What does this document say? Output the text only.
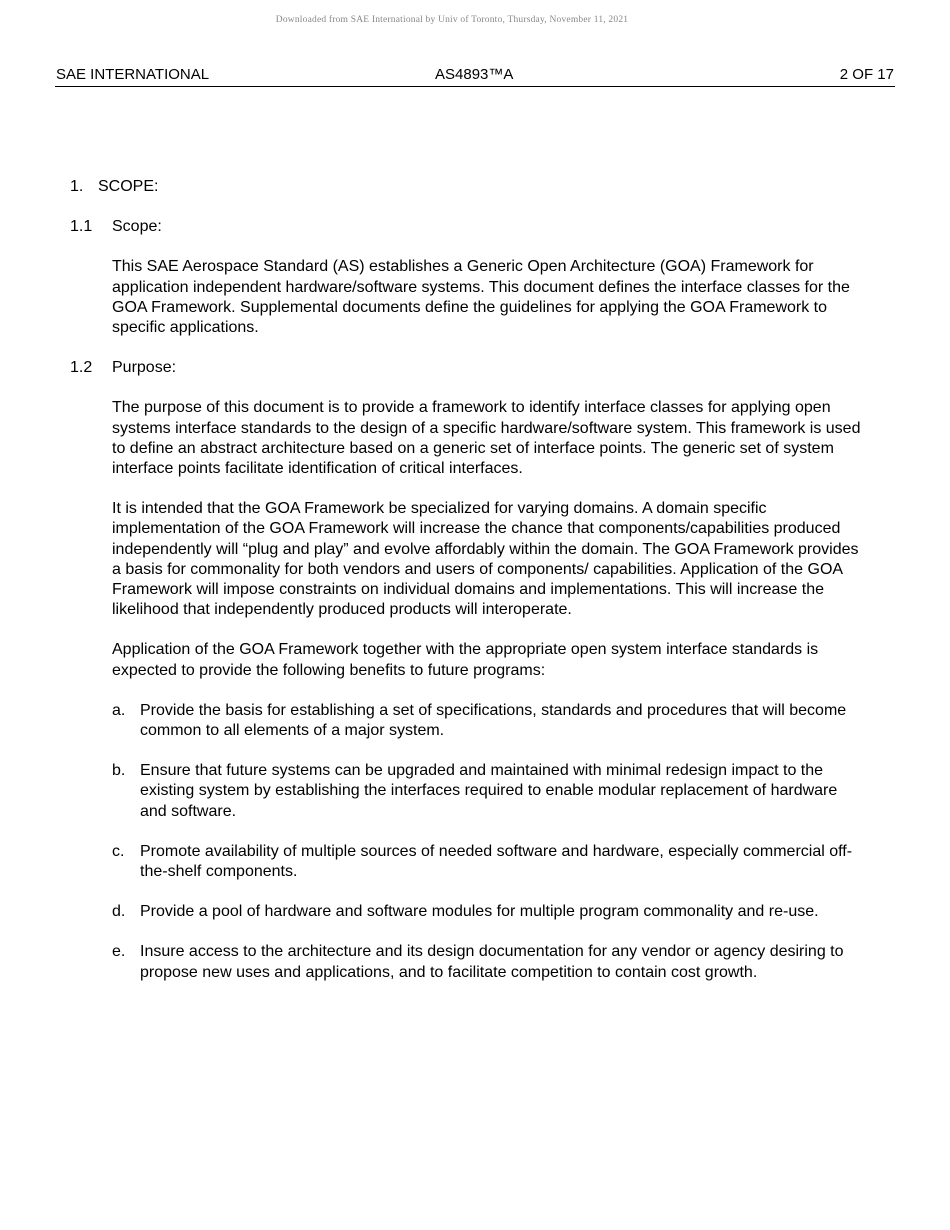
Downloaded from SAE International by Univ of Toronto, Thursday, November 11, 2021
SAE INTERNATIONAL	AS4893™A	2 OF 17
1. SCOPE:
1.1 Scope:

This SAE Aerospace Standard (AS) establishes a Generic Open Architecture (GOA) Framework for application independent hardware/software systems. This document defines the interface classes for the GOA Framework. Supplemental documents define the guidelines for applying the GOA Framework to specific applications.

1.2 Purpose:

The purpose of this document is to provide a framework to identify interface classes for applying open systems interface standards to the design of a specific hardware/software system. This framework is used to define an abstract architecture based on a generic set of interface points. The generic set of system interface points facilitate identification of critical interfaces.

It is intended that the GOA Framework be specialized for varying domains. A domain specific implementation of the GOA Framework will increase the chance that components/capabilities produced independently will “plug and play” and evolve affordably within the domain. The GOA Framework provides a basis for commonality for both vendors and users of components/ capabilities. Application of the GOA Framework will impose constraints on individual domains and implementations. This will increase the likelihood that independently produced products will interoperate.

Application of the GOA Framework together with the appropriate open system interface standards is expected to provide the following benefits to future programs:

a. Provide the basis for establishing a set of specifications, standards and procedures that will become common to all elements of a major system.
b. Ensure that future systems can be upgraded and maintained with minimal redesign impact to the existing system by establishing the interfaces required to enable modular replacement of hardware and software.
c. Promote availability of multiple sources of needed software and hardware, especially commercial off-the-shelf components.
d. Provide a pool of hardware and software modules for multiple program commonality and re-use.
e. Insure access to the architecture and its design documentation for any vendor or agency desiring to propose new uses and applications, and to facilitate competition to contain cost growth.
